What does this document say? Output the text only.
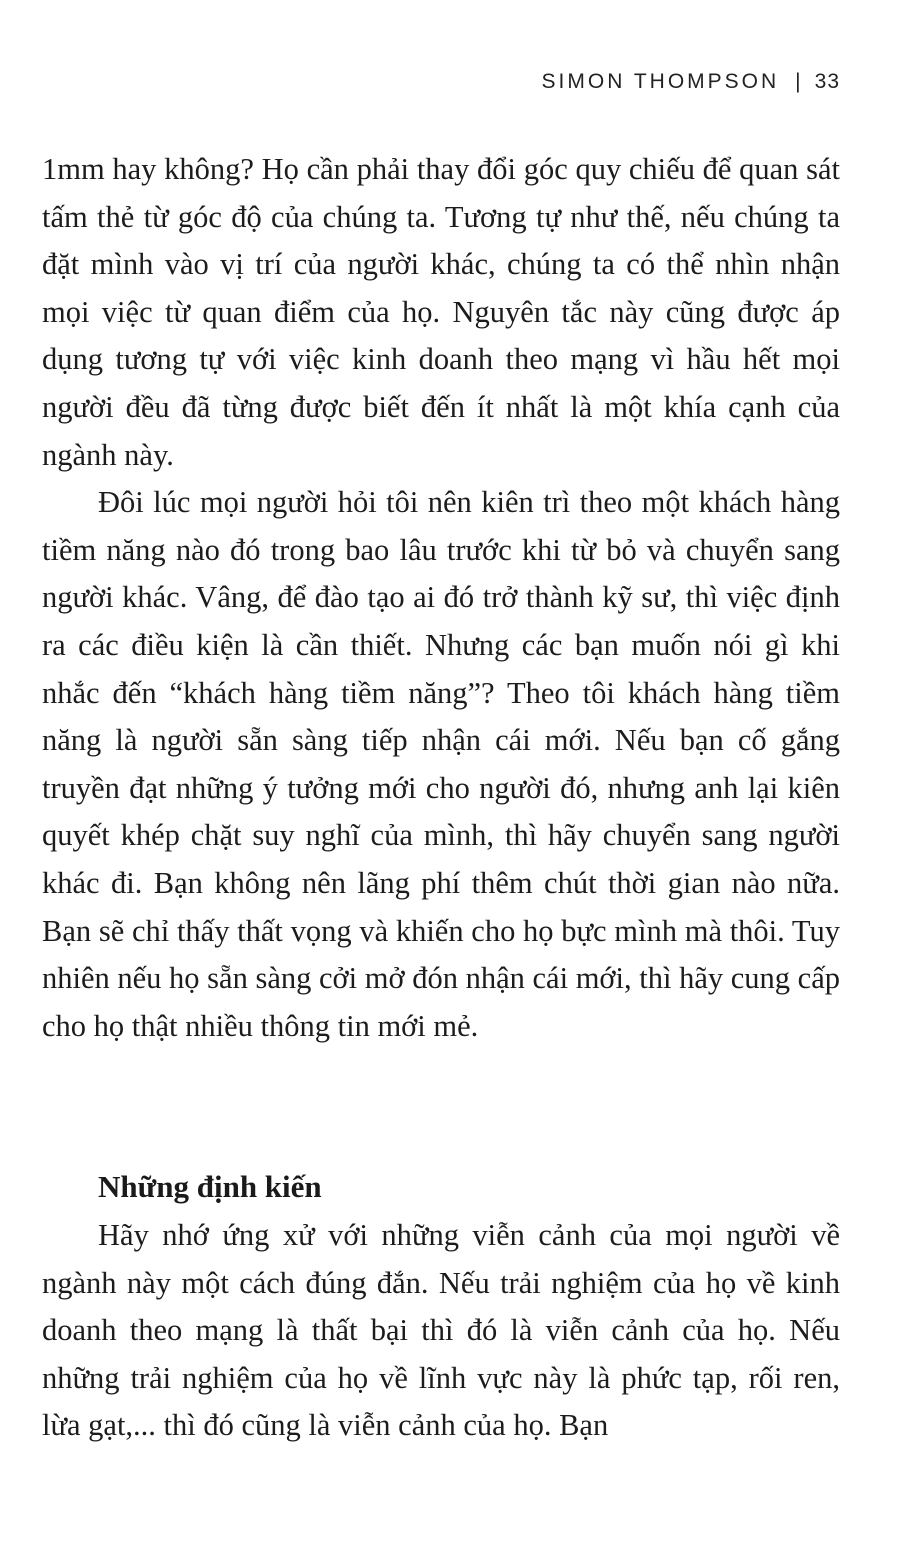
SIMON THOMPSON | 33

1mm hay không? Họ cần phải thay đổi góc quy chiếu để quan sát tấm thẻ từ góc độ của chúng ta. Tương tự như thế, nếu chúng ta đặt mình vào vị trí của người khác, chúng ta có thể nhìn nhận mọi việc từ quan điểm của họ. Nguyên tắc này cũng được áp dụng tương tự với việc kinh doanh theo mạng vì hầu hết mọi người đều đã từng được biết đến ít nhất là một khía cạnh của ngành này.

Đôi lúc mọi người hỏi tôi nên kiên trì theo một khách hàng tiềm năng nào đó trong bao lâu trước khi từ bỏ và chuyển sang người khác. Vâng, để đào tạo ai đó trở thành kỹ sư, thì việc định ra các điều kiện là cần thiết. Nhưng các bạn muốn nói gì khi nhắc đến “khách hàng tiềm năng”? Theo tôi khách hàng tiềm năng là người sẵn sàng tiếp nhận cái mới. Nếu bạn cố gắng truyền đạt những ý tưởng mới cho người đó, nhưng anh lại kiên quyết khép chặt suy nghĩ của mình, thì hãy chuyển sang người khác đi. Bạn không nên lãng phí thêm chút thời gian nào nữa. Bạn sẽ chỉ thấy thất vọng và khiến cho họ bực mình mà thôi. Tuy nhiên nếu họ sẵn sàng cởi mở đón nhận cái mới, thì hãy cung cấp cho họ thật nhiều thông tin mới mẻ.

Những định kiến

Hãy nhớ ứng xử với những viễn cảnh của mọi người về ngành này một cách đúng đắn. Nếu trải nghiệm của họ về kinh doanh theo mạng là thất bại thì đó là viễn cảnh của họ. Nếu những trải nghiệm của họ về lĩnh vực này là phức tạp, rối ren, lừa gạt,... thì đó cũng là viễn cảnh của họ. Bạn
